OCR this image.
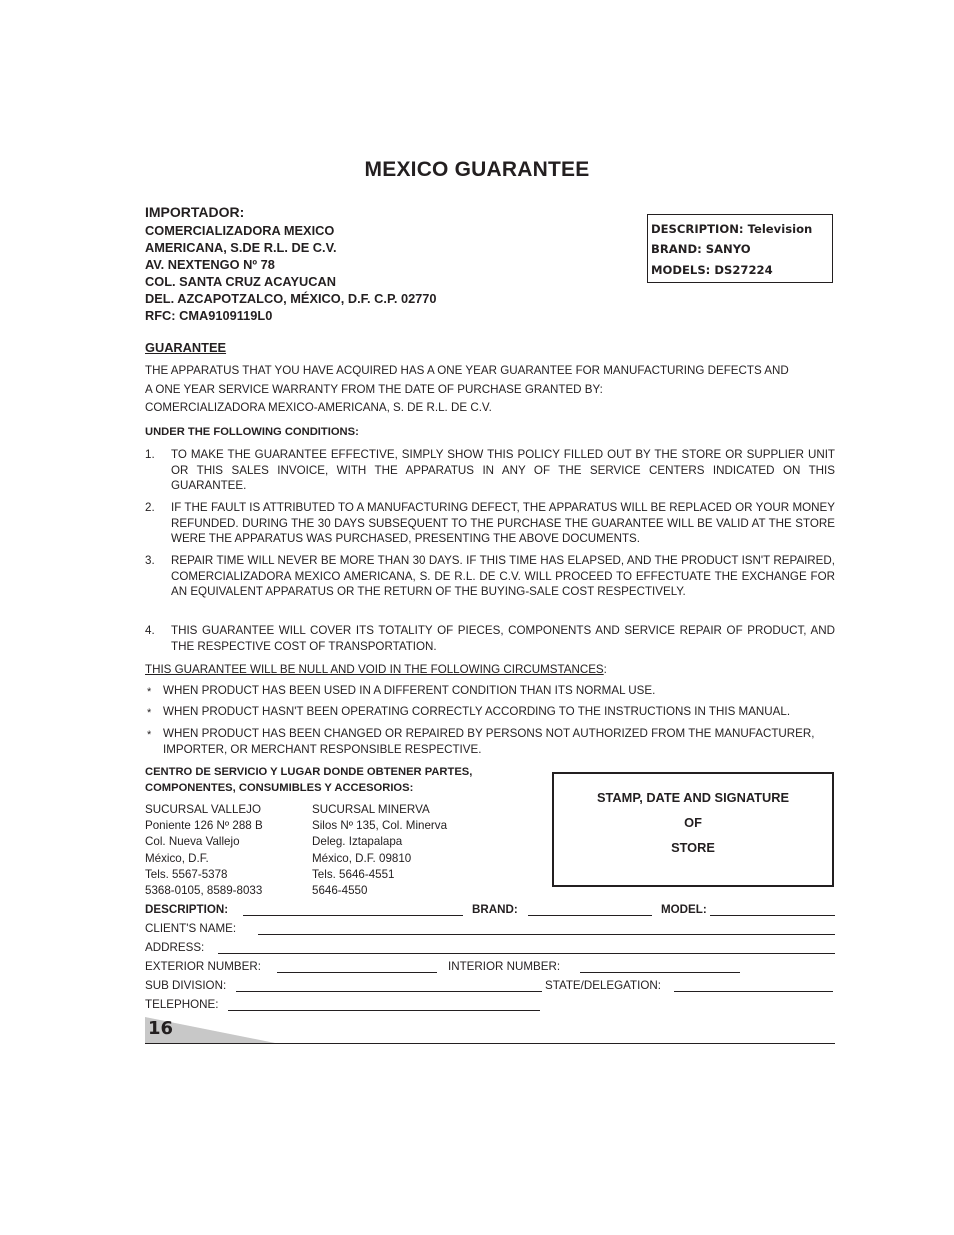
MEXICO GUARANTEE
IMPORTADOR:
COMERCIALIZADORA MEXICO
AMERICANA, S.DE R.L. DE C.V.
AV. NEXTENGO Nº 78
COL. SANTA CRUZ ACAYUCAN
DEL. AZCAPOTZALCO, MÉXICO, D.F. C.P. 02770
RFC: CMA9109119L0
DESCRIPTION: Television
BRAND: SANYO
MODELS: DS27224
GUARANTEE
THE APPARATUS THAT YOU HAVE ACQUIRED HAS A ONE YEAR GUARANTEE FOR MANUFACTURING DEFECTS AND
A ONE YEAR SERVICE WARRANTY FROM THE DATE OF PURCHASE GRANTED BY:
COMERCIALIZADORA MEXICO-AMERICANA, S. DE R.L. DE C.V.
UNDER THE FOLLOWING CONDITIONS:
1. TO MAKE THE GUARANTEE EFFECTIVE, SIMPLY SHOW THIS POLICY FILLED OUT BY THE STORE OR SUPPLIER UNIT OR THIS SALES INVOICE, WITH THE APPARATUS IN ANY OF THE SERVICE CENTERS INDICATED ON THIS GUARANTEE.
2. IF THE FAULT IS ATTRIBUTED TO A MANUFACTURING DEFECT, THE APPARATUS WILL BE REPLACED OR YOUR MONEY REFUNDED. DURING THE 30 DAYS SUBSEQUENT TO THE PURCHASE THE GUARANTEE WILL BE VALID AT THE STORE WERE THE APPARATUS WAS PURCHASED, PRESENTING THE ABOVE DOCUMENTS.
3. REPAIR TIME WILL NEVER BE MORE THAN 30 DAYS. IF THIS TIME HAS ELAPSED, AND THE PRODUCT ISN'T REPAIRED, COMERCIALIZADORA MEXICO AMERICANA, S. DE R.L. DE C.V. WILL PROCEED TO EFFECTUATE THE EXCHANGE FOR AN EQUIVALENT APPARATUS OR THE RETURN OF THE BUYING-SALE COST RESPECTIVELY.
4. THIS GUARANTEE WILL COVER ITS TOTALITY OF PIECES, COMPONENTS AND SERVICE REPAIR OF PRODUCT, AND THE RESPECTIVE COST OF TRANSPORTATION.
THIS GUARANTEE WILL BE NULL AND VOID IN THE FOLLOWING CIRCUMSTANCES:
* WHEN PRODUCT HAS BEEN USED IN A DIFFERENT CONDITION THAN ITS NORMAL USE.
* WHEN PRODUCT HASN'T BEEN OPERATING CORRECTLY ACCORDING TO THE INSTRUCTIONS IN THIS MANUAL.
* WHEN PRODUCT HAS BEEN CHANGED OR REPAIRED BY PERSONS NOT AUTHORIZED FROM THE MANUFACTURER, IMPORTER, OR MERCHANT RESPONSIBLE RESPECTIVE.
CENTRO DE SERVICIO Y LUGAR DONDE OBTENER PARTES,
COMPONENTES, CONSUMIBLES Y ACCESORIOS:
SUCURSAL VALLEJO
Poniente 126 Nº 288 B
Col. Nueva Vallejo
México, D.F.
Tels. 5567-5378
5368-0105, 8589-8033
SUCURSAL MINERVA
Silos Nº 135, Col. Minerva
Deleg. Iztapalapa
México, D.F. 09810
Tels. 5646-4551
5646-4550
STAMP, DATE AND SIGNATURE
OF
STORE
DESCRIPTION:	BRAND:	MODEL:
CLIENT'S NAME:
ADDRESS:
EXTERIOR NUMBER:	INTERIOR NUMBER:
SUB DIVISION:	STATE/DELEGATION:
TELEPHONE:
16
